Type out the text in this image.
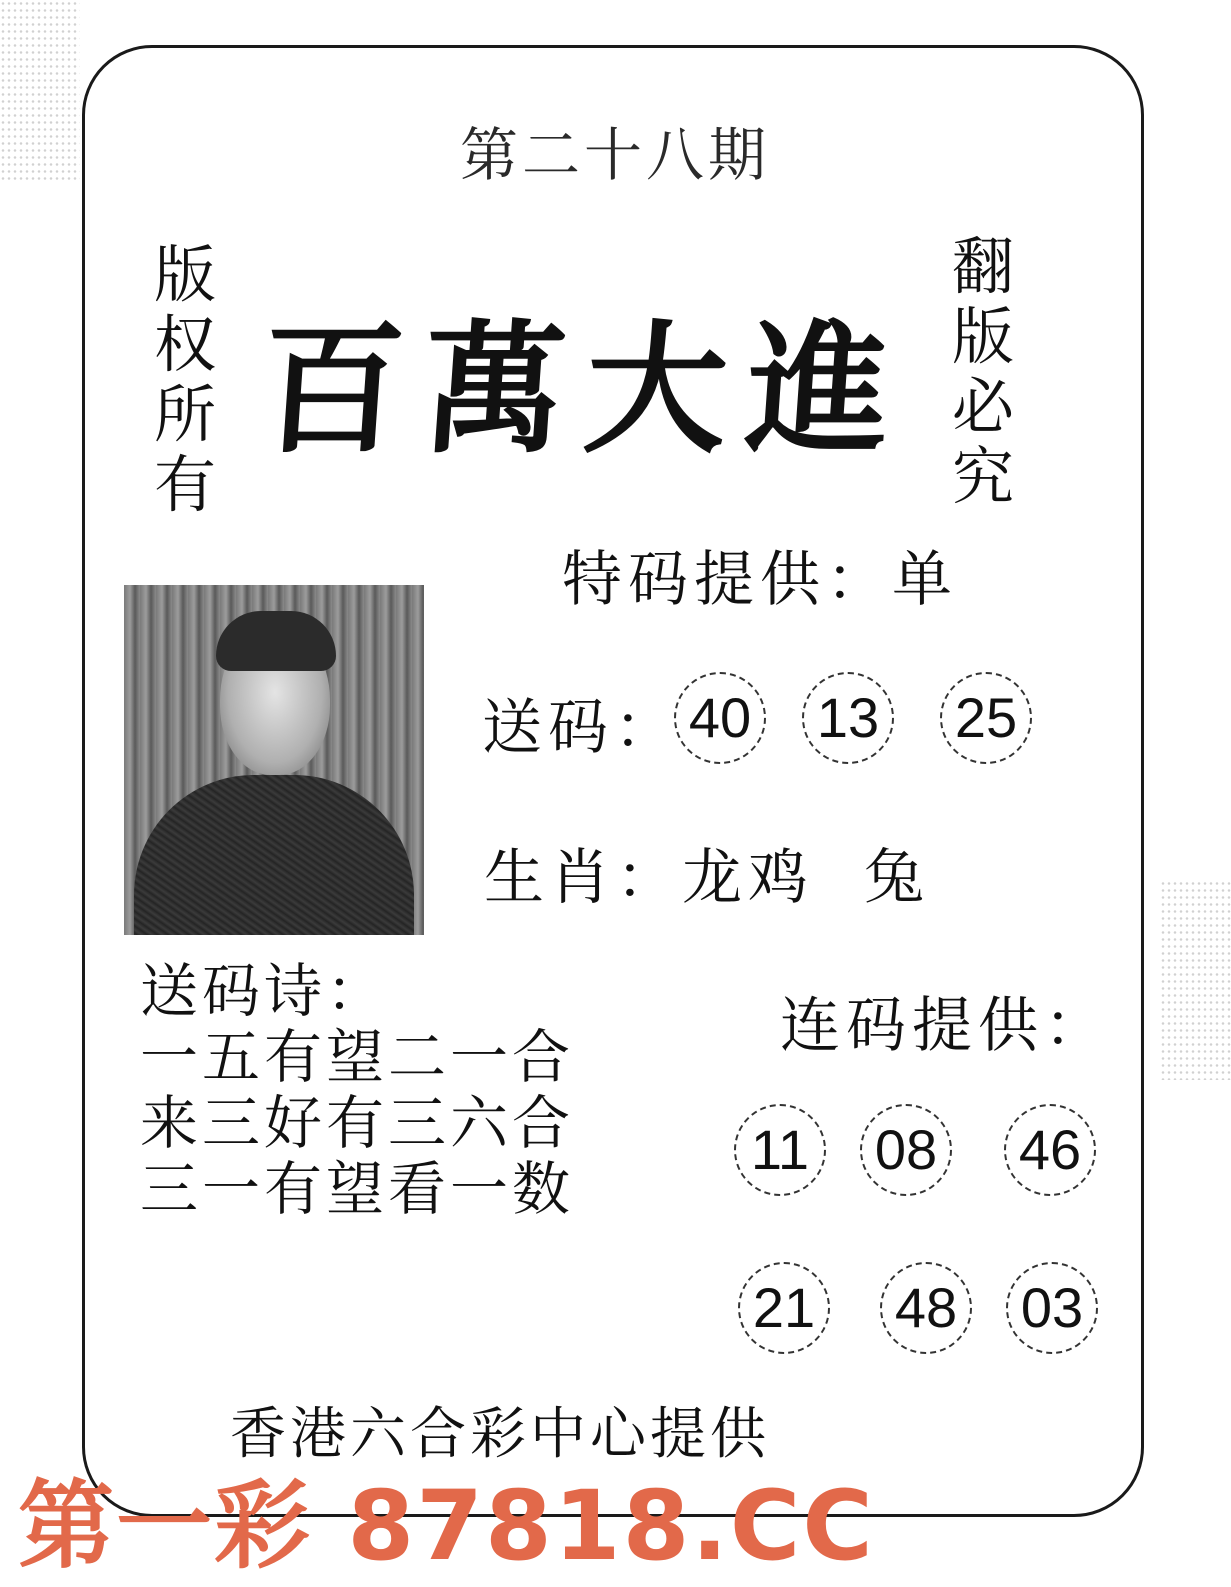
第二十八期
版权所有
翻版必究
百萬大進
特码提供：单
送码： 40 13 25
生肖：龙鸡  兔
送码诗：
一五有望二一合
来三好有三六合
三一有望看一数
连码提供：
11	08 46
21 48 03
香港六合彩中心提供
第一彩 87818.CC
